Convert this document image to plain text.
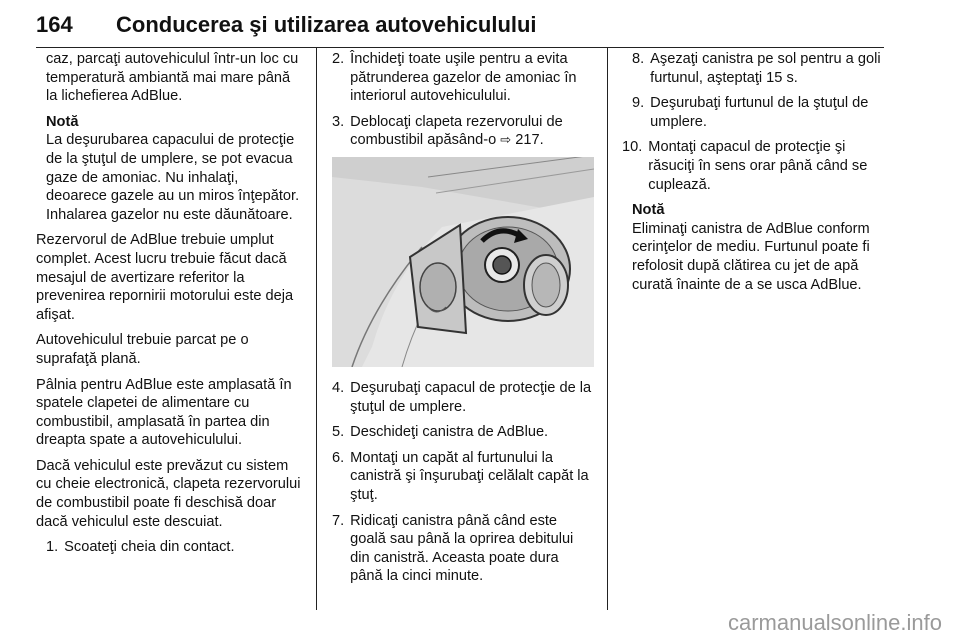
164 Conducerea şi utilizarea autovehiculului

caz, parcaţi autovehiculul într-un loc cu temperatură ambiantă mai mare până la lichefierea AdBlue.

Notă
La deşurubarea capacului de protecţie de la ştuţul de umplere, se pot evacua gaze de amoniac. Nu inhalaţi, deoarece gazele au un miros înţepător. Inhalarea gazelor nu este dăunătoare.

Rezervorul de AdBlue trebuie umplut complet. Acest lucru trebuie făcut dacă mesajul de avertizare referitor la prevenirea repornirii motorului este deja afişat.

Autovehiculul trebuie parcat pe o suprafaţă plană.

Pâlnia pentru AdBlue este amplasată în spatele clapetei de alimentare cu combustibil, amplasată în partea din dreapta spate a autovehiculului.

Dacă vehiculul este prevăzut cu sistem cu cheie electronică, clapeta rezervorului de combustibil poate fi deschisă doar dacă vehiculul este descuiat.

1. Scoateţi cheia din contact.
2. Închideţi toate uşile pentru a evita pătrunderea gazelor de amoniac în interiorul autovehiculului.
3. Deblocaţi clapeta rezervorului de combustibil apăsând-o ⇨ 217.
4. Deşurubaţi capacul de protecţie de la ştuţul de umplere.
5. Deschideţi canistra de AdBlue.
6. Montaţi un capăt al furtunului la canistră şi înşurubaţi celălalt capăt la ştuţ.
7. Ridicaţi canistra până când este goală sau până la oprirea debitului din canistră. Aceasta poate dura până la cinci minute.
8. Aşezaţi canistra pe sol pentru a goli furtunul, aşteptaţi 15 s.
9. Deşurubaţi furtunul de la ştuţul de umplere.
10. Montaţi capacul de protecţie şi răsuciţi în sens orar până când se cuplează.

Notă
Eliminaţi canistra de AdBlue conform cerinţelor de mediu. Furtunul poate fi refolosit după clătirea cu jet de apă curată înainte de a se usca AdBlue.

carmanualsonline.info
